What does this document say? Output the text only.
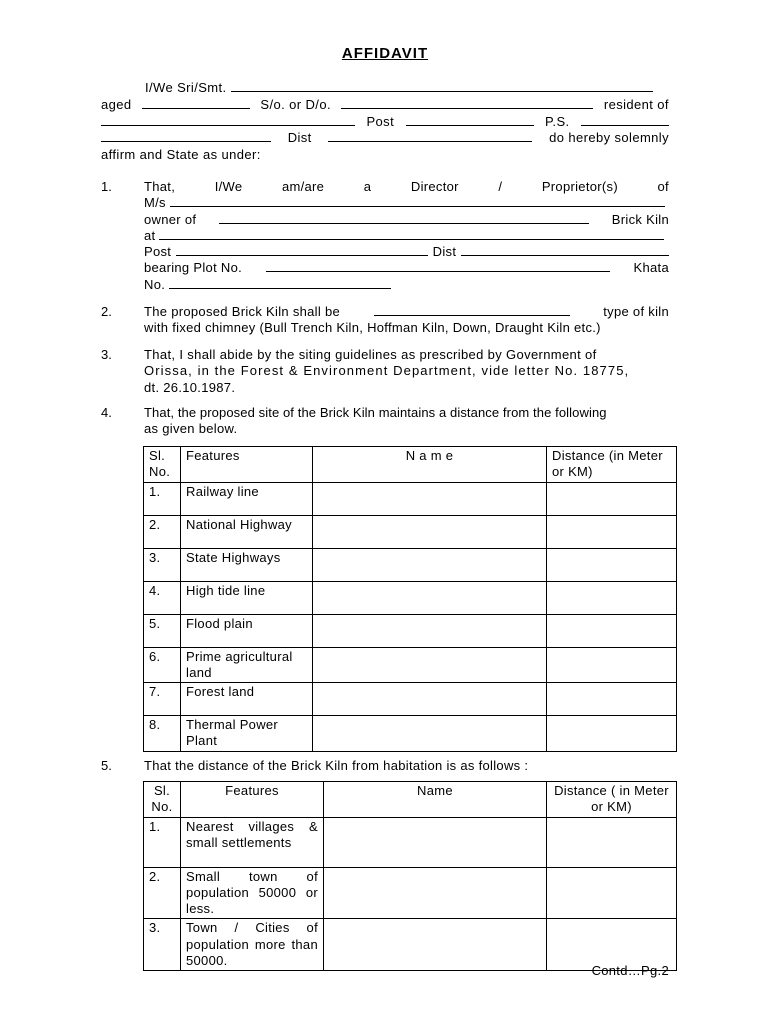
AFFIDAVIT
I/We Sri/Smt.
aged	S/o. or D/o.	resident of
Post	P.S.
Dist	do hereby solemnly
affirm and State as under:
1. That,	I/We	am/are	a	Director	/	Proprietor(s)	of
M/s
owner of	Brick Kiln
at
Post	Dist
bearing Plot No.	Khata
No.
2. The proposed Brick Kiln shall be	type of kiln
with fixed chimney (Bull Trench Kiln, Hoffman Kiln, Down, Draught Kiln etc.)
3. That, I shall abide by the siting guidelines as prescribed by Government of
Orissa, in the Forest & Environment Department, vide letter No. 18775,
dt. 26.10.1987.
4. That, the proposed site of the Brick Kiln maintains a distance from the following
as given below.
Sl. No.	Features	N a m e	Distance (in Meter or KM)
1.	Railway line		
2.	National Highway		
3.	State Highways		
4.	High tide line		
5.	Flood plain		
6.	Prime agricultural land		
7.	Forest land		
8.	Thermal Power Plant		
5. That the distance of the Brick Kiln from habitation is as follows :
Sl. No.	Features	Name	Distance ( in Meter or KM)
1.	Nearest villages & small settlements		
2.	Small town of population 50000 or less.		
3.	Town / Cities of population more than 50000.		
Contd…Pg.2
